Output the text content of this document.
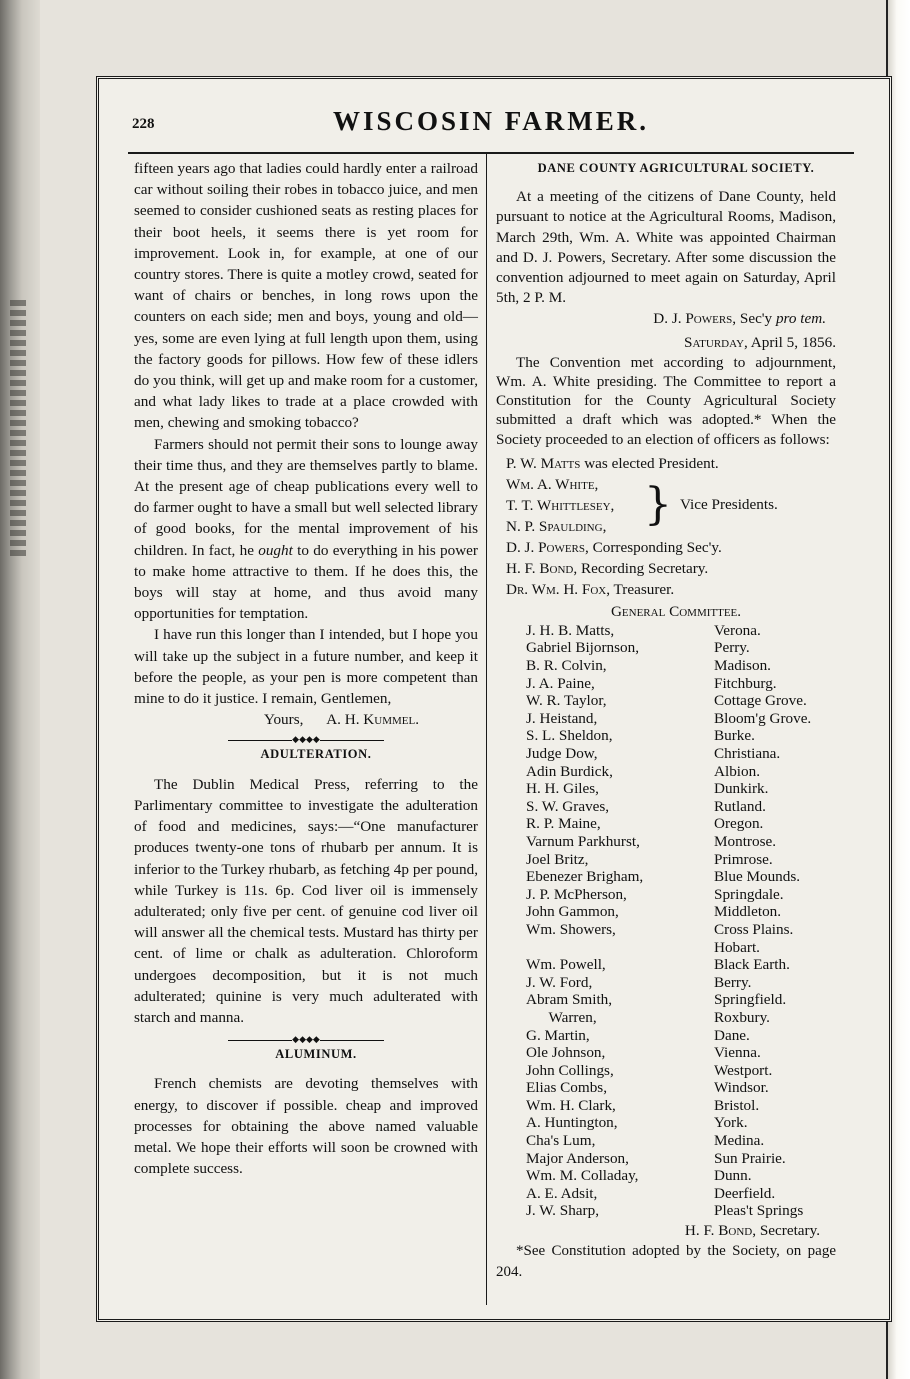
228	WISCOSIN FARMER.

fifteen years ago that ladies could hardly enter a railroad car without soiling their robes in tobacco juice, and men seemed to consider cushioned seats as resting places for their boot heels, it seems there is yet room for improvement. Look in, for example, at one of our country stores. There is quite a motley crowd, seated for want of chairs or benches, in long rows upon the counters on each side; men and boys, young and old—yes, some are even lying at full length upon them, using the factory goods for pillows. How few of these idlers do you think, will get up and make room for a customer, and what lady likes to trade at a place crowded with men, chewing and smoking tobacco?

Farmers should not permit their sons to lounge away their time thus, and they are themselves partly to blame. At the present age of cheap publications every well to do farmer ought to have a small but well selected library of good books, for the mental improvement of his children. In fact, he ought to do everything in his power to make home attractive to them. If he does this, the boys will stay at home, and thus avoid many opportunities for temptation.

I have run this longer than I intended, but I hope you will take up the subject in a future number, and keep it before the people, as your pen is more competent than mine to do it justice. I remain, Gentlemen,

Yours, A. H. Kummel.

◆◆◆◆

ADULTERATION.

The Dublin Medical Press, referring to the Parlimentary committee to investigate the adulteration of food and medicines, says:—“One manufacturer produces twenty-one tons of rhubarb per annum. It is inferior to the Turkey rhubarb, as fetching 4p per pound, while Turkey is 11s. 6p. Cod liver oil is immensely adulterated; only five per cent. of genuine cod liver oil will answer all the chemical tests. Mustard has thirty per cent. of lime or chalk as adulteration. Chloroform undergoes decomposition, but it is not much adulterated; quinine is very much adulterated with starch and manna.

◆◆◆◆

ALUMINUM.

French chemists are devoting themselves with energy, to discover if possible. cheap and improved processes for obtaining the above named valuable metal. We hope their efforts will soon be crowned with complete success.

DANE COUNTY AGRICULTURAL SOCIETY.

At a meeting of the citizens of Dane County, held pursuant to notice at the Agricultural Rooms, Madison, March 29th, Wm. A. White was appointed Chairman and D. J. Powers, Secretary. After some discussion the convention adjourned to meet again on Saturday, April 5th, 2 P. M.

D. J. Powers, Sec'y pro tem.

Saturday, April 5, 1856.

The Convention met according to adjournment, Wm. A. White presiding. The Committee to report a Constitution for the County Agricultural Society submitted a draft which was adopted.* When the Society proceeded to an election of officers as follows:

P. W. Matts was elected President.
Wm. A. White,
T. T. Whittlesey,
N. P. Spaulding, } Vice Presidents.
D. J. Powers, Corresponding Sec'y.
H. F. Bond, Recording Secretary.
Dr. Wm. H. Fox, Treasurer.

General Committee.

J. H. B. Matts,	Verona.
Gabriel Bijornson,	Perry.
B. R. Colvin,	Madison.
J. A. Paine,	Fitchburg.
W. R. Taylor,	Cottage Grove.
J. Heistand,	Bloom'g Grove.
S. L. Sheldon,	Burke.
Judge Dow,	Christiana.
Adin Burdick,	Albion.
H. H. Giles,	Dunkirk.
S. W. Graves,	Rutland.
R. P. Maine,	Oregon.
Varnum Parkhurst,	Montrose.
Joel Britz,	Primrose.
Ebenezer Brigham,	Blue Mounds.
J. P. McPherson,	Springdale.
John Gammon,	Middleton.
Wm. Showers,	Cross Plains.
	Hobart.
Wm. Powell,	Black Earth.
J. W. Ford,	Berry.
Abram Smith,	Springfield.
Warren,	Roxbury.
G. Martin,	Dane.
Ole Johnson,	Vienna.
John Collings,	Westport.
Elias Combs,	Windsor.
Wm. H. Clark,	Bristol.
A. Huntington,	York.
Cha's Lum,	Medina.
Major Anderson,	Sun Prairie.
Wm. M. Colladay,	Dunn.
A. E. Adsit,	Deerfield.
J. W. Sharp,	Pleas't Springs

H. F. Bond, Secretary.

*See Constitution adopted by the Society, on page 204.
